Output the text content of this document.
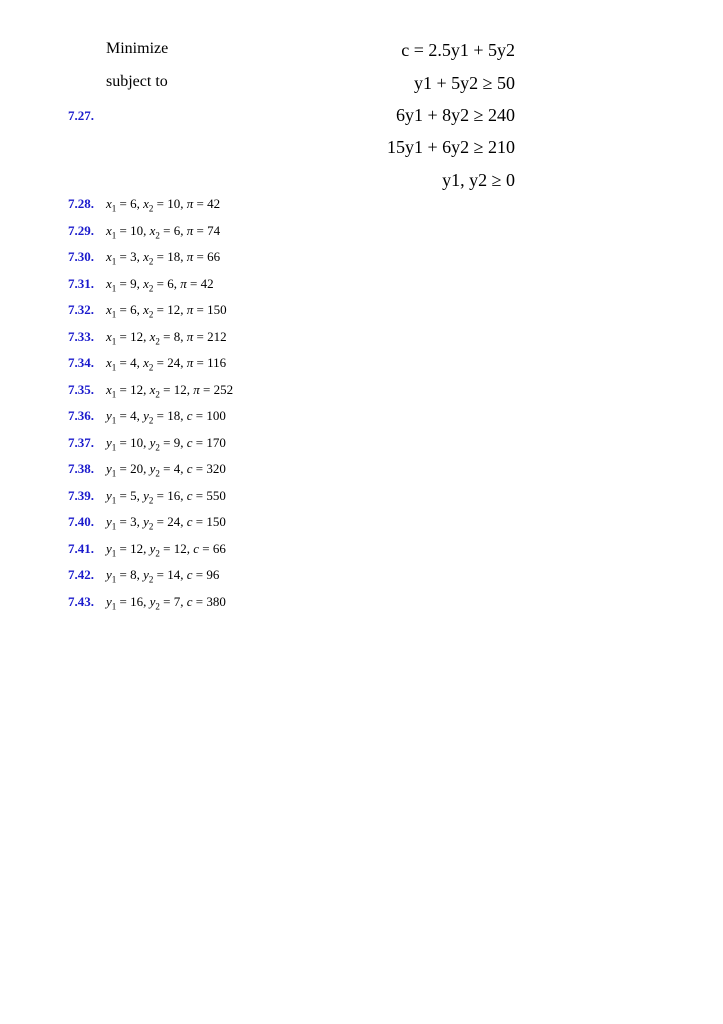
Minimize
subject to
7.27.
c = 2.5y1 + 5y2
y1 + 5y2 ≥ 50
6y1 + 8y2 ≥ 240
15y1 + 6y2 ≥ 210
y1, y2 ≥ 0
7.28. $x_1 = 6$, $x_2 = 10$, π = 42
7.29. $x_1 = 10$, $x_2 = 6$, π = 74
7.30. $x_1 = 3$, $x_2 = 18$, π = 66
7.31. $x_1 = 9$, $x_2 = 6$, π = 42
7.32. $x_1 = 6$, $x_2 = 12$, π = 150
7.33. $x_1 = 12$, $x_2 = 8$, π = 212
7.34. $x_1 = 4$, $x_2 = 24$, π = 116
7.35. $x_1 = 12$, $x_2 = 12$, π = 252
7.36. $y_1 = 4$, $y_2 = 18$, c = 100
7.37. $y_1 = 10$, $y_2 = 9$, c = 170
7.38. $y_1 = 20$, $y_2 = 4$, c = 320
7.39. $y_1 = 5$, $y_2 = 16$, c = 550
7.40. $y_1 = 3$, $y_2 = 24$, c = 150
7.41. $y_1 = 12$, $y_2 = 12$, c = 66
7.42. $y_1 = 8$, $y_2 = 14$, c = 96
7.43. $y_1 = 16$, $y_2 = 7$, c = 380
